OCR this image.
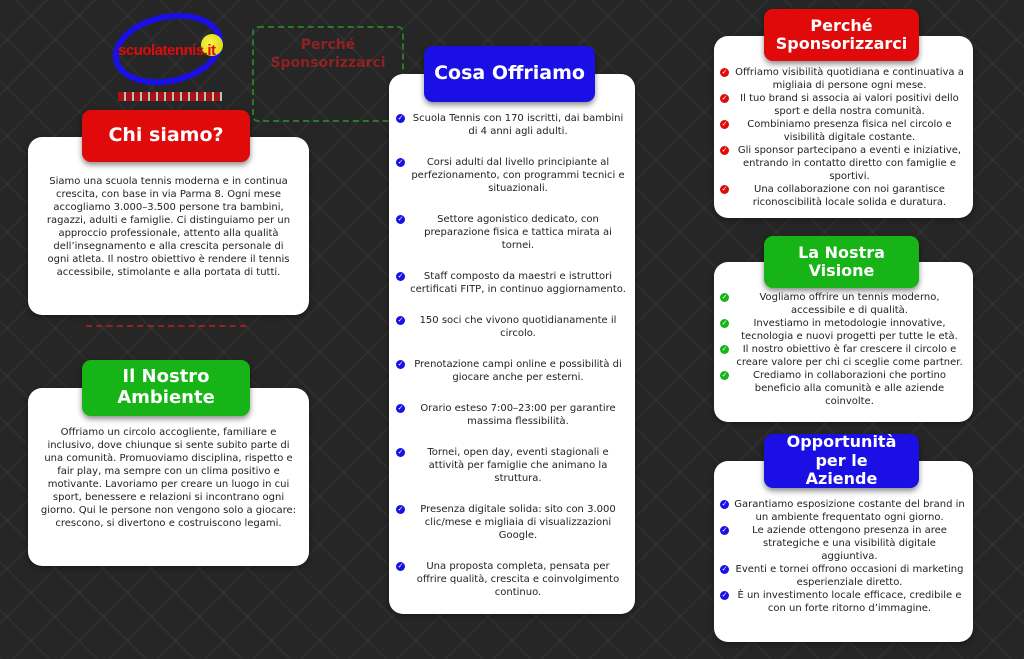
scuolatennis.it	Perché Sponsorizzarci

Siamo una scuola tennis moderna e in continua crescita, con base in via Parma 8. Ogni mese accogliamo 3.000–3.500 persone tra bambini, ragazzi, adulti e famiglie. Ci distinguiamo per un approccio professionale, attento alla qualità dell’insegnamento e alla crescita personale di ogni atleta. Il nostro obiettivo è rendere il tennis accessibile, stimolante e alla portata di tutti.

Chi siamo?

Offriamo un circolo accogliente, familiare e inclusivo, dove chiunque si sente subito parte di una comunità. Promuoviamo disciplina, rispetto e fair play, ma sempre con un clima positivo e motivante. Lavoriamo per creare un luogo in cui sport, benessere e relazioni si incontrano ogni giorno. Qui le persone non vengono solo a giocare: crescono, si divertono e costruiscono legami.

Il Nostro Ambiente
✓ Scuola Tennis con 170 iscritti, dai bambini di 4 anni agli adulti.
✓ Corsi adulti dal livello principiante al perfezionamento, con programmi tecnici e situazionali.
✓	Settore agonistico dedicato, con preparazione fisica e tattica mirata ai tornei.
✓ Staff composto da maestri e istruttori certificati FITP, in continuo aggiornamento.
✓ 150 soci che vivono quotidianamente il circolo.
✓ Prenotazione campi online e possibilità di giocare anche per esterni.
✓ Orario esteso 7:00–23:00 per garantire massima flessibilità.
✓ Tornei, open day, eventi stagionali e attività per famiglie che animano la struttura.
✓ Presenza digitale solida: sito con 3.000 clic/mese e migliaia di visualizzazioni Google.
✓ Una proposta completa, pensata per offrire qualità, crescita e coinvolgimento continuo.
Cosa Offriamo	✓ Offriamo visibilità quotidiana e continuativa a migliaia di persone ogni mese.
✓ Il tuo brand si associa ai valori positivi dello sport e della nostra comunità.
✓ Combiniamo presenza fisica nel circolo e visibilità digitale costante.
✓ Gli sponsor partecipano a eventi e iniziative, entrando in contatto diretto con famiglie e sportivi.
✓	Una collaborazione con noi garantisce riconoscibilità locale solida e duratura.
Perché Sponsorizzarci
✓	Vogliamo offrire un tennis moderno, accessibile e di qualità.
✓	Investiamo in metodologie innovative, tecnologia e nuovi progetti per tutte le età.
✓ Il nostro obiettivo è far crescere il circolo e creare valore per chi ci sceglie come partner.
✓	Crediamo in collaborazioni che portino beneficio alla comunità e alle aziende coinvolte.
La Nostra Visione
✓ Garantiamo esposizione costante del brand in un ambiente frequentato ogni giorno.
✓ Le aziende ottengono presenza in aree strategiche e una visibilità digitale aggiuntiva.
✓ Eventi e tornei offrono occasioni di marketing esperienziale diretto.
✓ È un investimento locale efficace, credibile e con un forte ritorno d’immagine.
Opportunità per le Aziende
